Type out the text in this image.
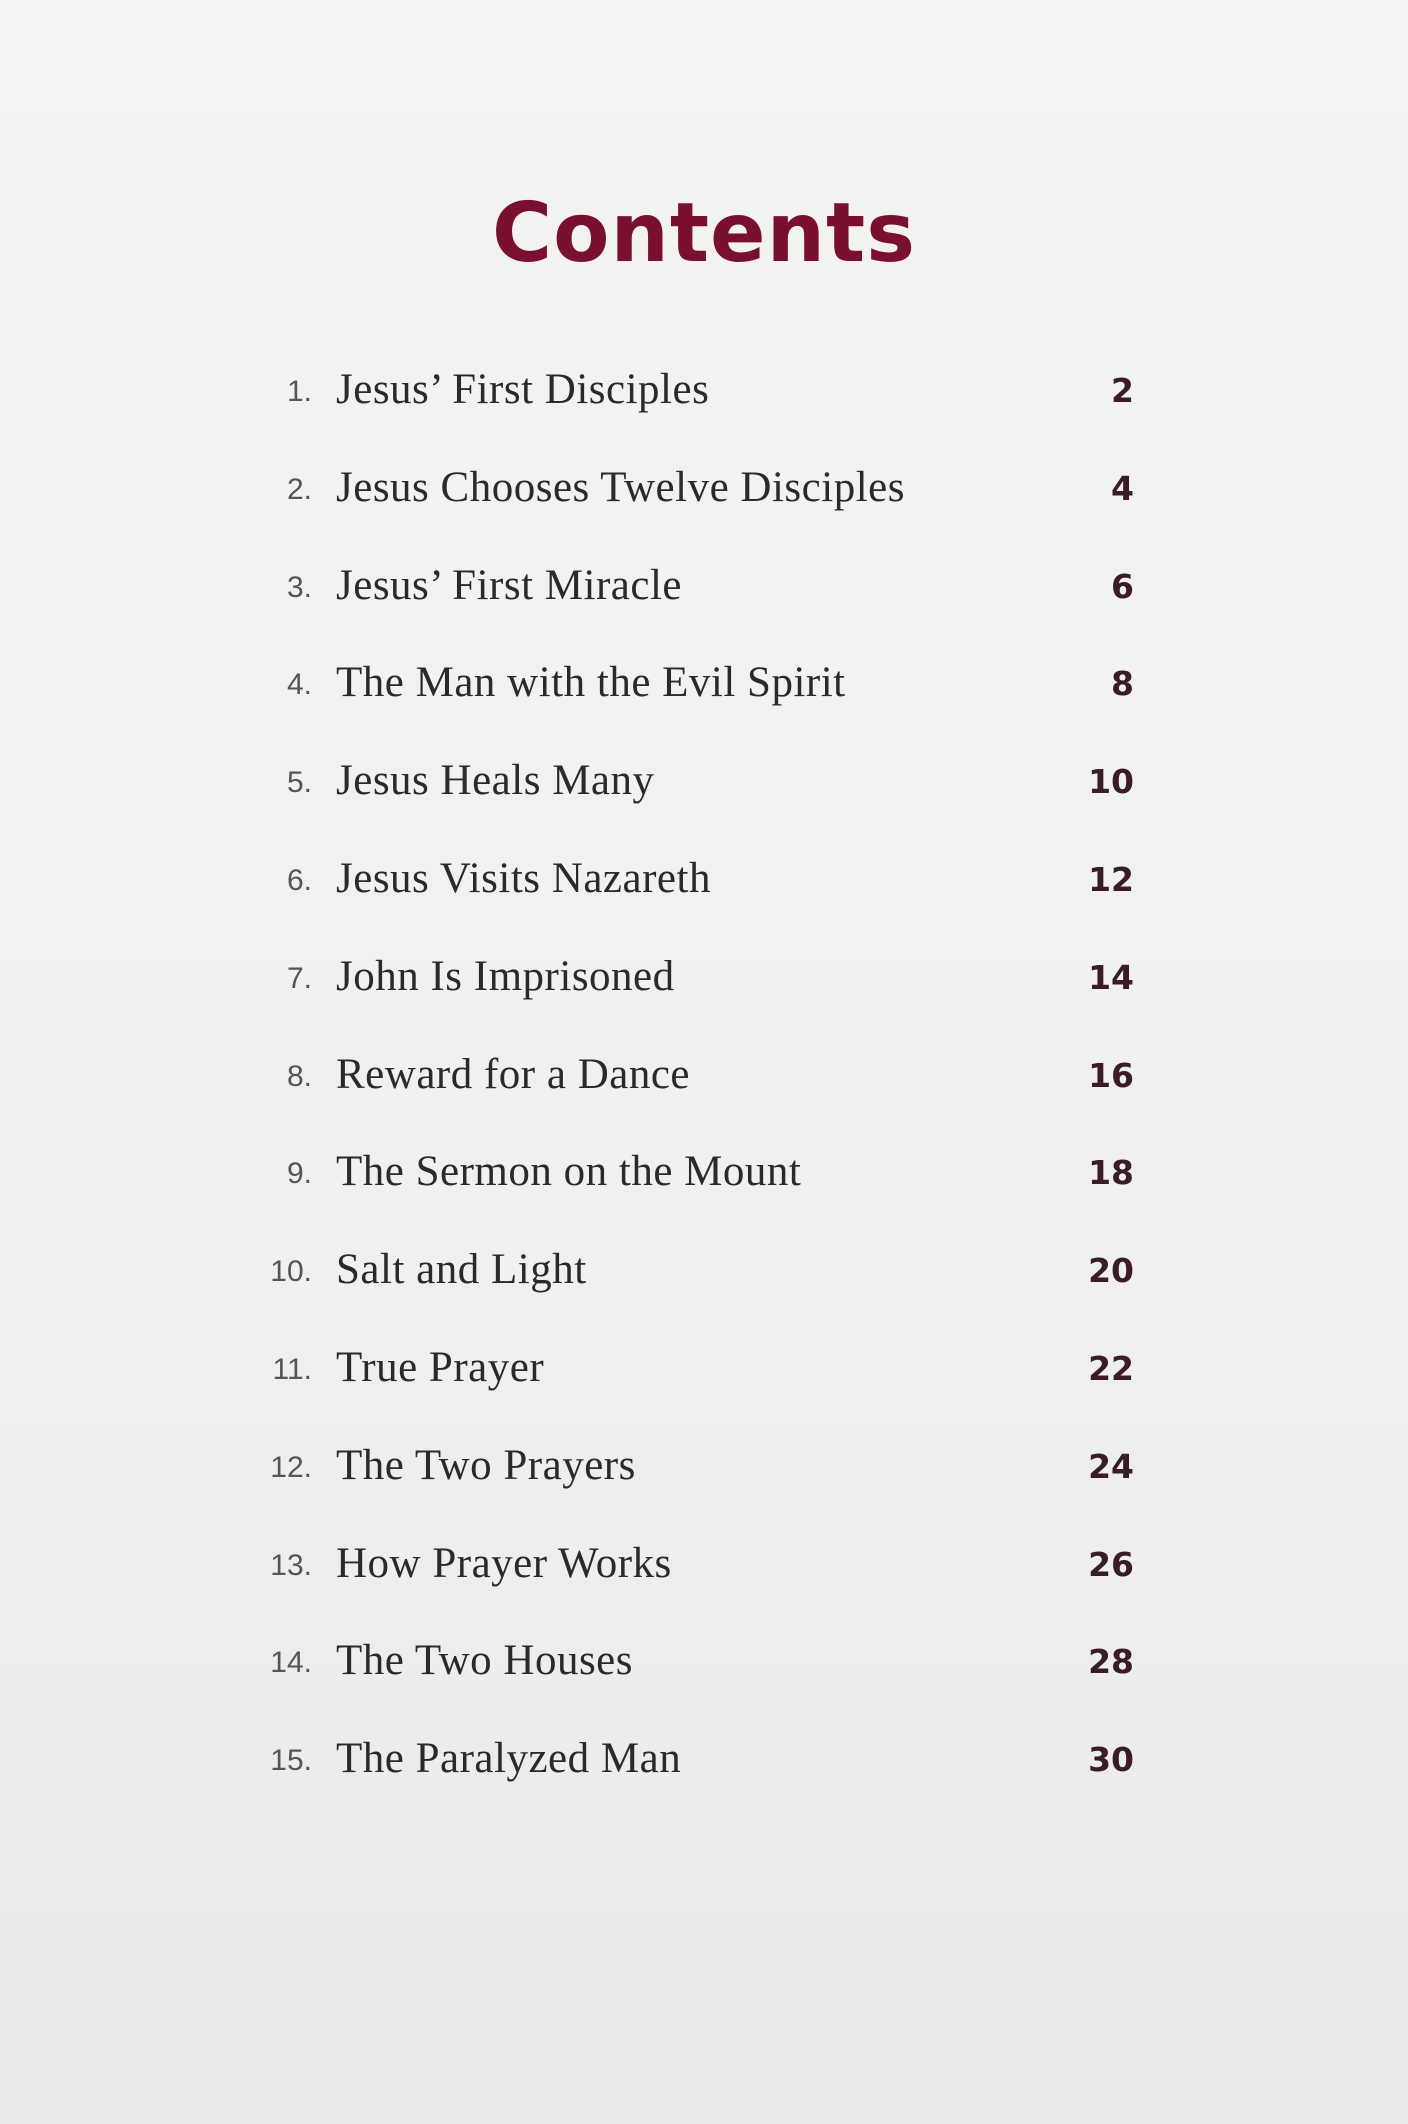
Contents
1. Jesus’ First Disciples	2
2. Jesus Chooses Twelve Disciples	4
3. Jesus’ First Miracle	6
4. The Man with the Evil Spirit	8
5. Jesus Heals Many	10
6. Jesus Visits Nazareth	12
7. John Is Imprisoned	14
8. Reward for a Dance	16
9. The Sermon on the Mount	18
10. Salt and Light	20
11. True Prayer	22
12. The Two Prayers	24
13. How Prayer Works	26
14. The Two Houses	28
15. The Paralyzed Man	30
